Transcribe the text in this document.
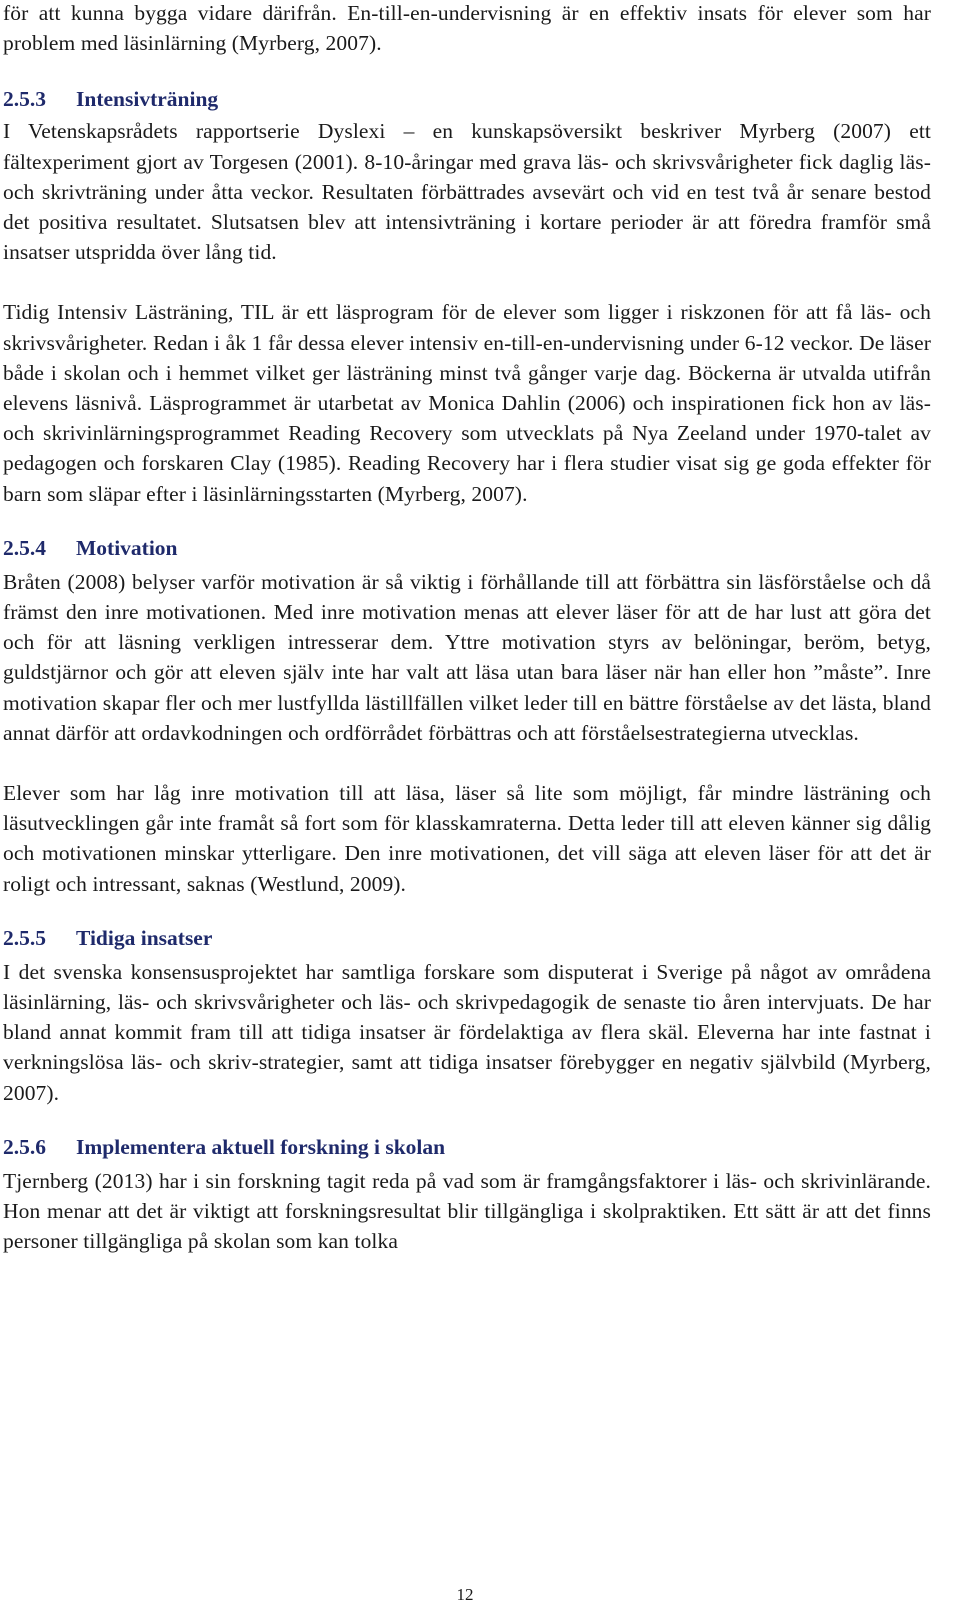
för att kunna bygga vidare därifrån. En-till-en-undervisning är en effektiv insats för elever som har problem med läsinlärning (Myrberg, 2007).

2.5.3	Intensivträning

I Vetenskapsrådets rapportserie Dyslexi – en kunskapsöversikt beskriver Myrberg (2007) ett fältexperiment gjort av Torgesen (2001). 8-10-åringar med grava läs- och skrivsvårigheter fick daglig läs- och skrivträning under åtta veckor. Resultaten förbättrades avsevärt och vid en test två år senare bestod det positiva resultatet. Slutsatsen blev att intensivträning i kortare perioder är att föredra framför små insatser utspridda över lång tid.

Tidig Intensiv Lästräning, TIL är ett läsprogram för de elever som ligger i riskzonen för att få läs- och skrivsvårigheter. Redan i åk 1 får dessa elever intensiv en-till-en-undervisning under 6-12 veckor. De läser både i skolan och i hemmet vilket ger lästräning minst två gånger varje dag. Böckerna är utvalda utifrån elevens läsnivå. Läsprogrammet är utarbetat av Monica Dahlin (2006) och inspirationen fick hon av läs- och skrivinlärningsprogrammet Reading Recovery som utvecklats på Nya Zeeland under 1970-talet av pedagogen och forskaren Clay (1985). Reading Recovery har i flera studier visat sig ge goda effekter för barn som släpar efter i läsinlärningsstarten (Myrberg, 2007).

2.5.4	Motivation

Bråten (2008) belyser varför motivation är så viktig i förhållande till att förbättra sin läsförståelse och då främst den inre motivationen. Med inre motivation menas att elever läser för att de har lust att göra det och för att läsning verkligen intresserar dem. Yttre motivation styrs av belöningar, beröm, betyg, guldstjärnor och gör att eleven själv inte har valt att läsa utan bara läser när han eller hon ”måste”. Inre motivation skapar fler och mer lustfyllda lästillfällen vilket leder till en bättre förståelse av det lästa, bland annat därför att ordavkodningen och ordförrådet förbättras och att förståelsestrategierna utvecklas.

Elever som har låg inre motivation till att läsa, läser så lite som möjligt, får mindre lästräning och läsutvecklingen går inte framåt så fort som för klasskamraterna. Detta leder till att eleven känner sig dålig och motivationen minskar ytterligare. Den inre motivationen, det vill säga att eleven läser för att det är roligt och intressant, saknas (Westlund, 2009).

2.5.5	Tidiga insatser

I det svenska konsensusprojektet har samtliga forskare som disputerat i Sverige på något av områdena läsinlärning, läs- och skrivsvårigheter och läs- och skrivpedagogik de senaste tio åren intervjuats. De har bland annat kommit fram till att tidiga insatser är fördelaktiga av flera skäl. Eleverna har inte fastnat i verkningslösa läs- och skriv-strategier, samt att tidiga insatser förebygger en negativ självbild (Myrberg, 2007).

2.5.6	Implementera aktuell forskning i skolan

Tjernberg (2013) har i sin forskning tagit reda på vad som är framgångsfaktorer i läs- och skrivinlärande. Hon menar att det är viktigt att forskningsresultat blir tillgängliga i skolpraktiken. Ett sätt är att det finns personer tillgängliga på skolan som kan tolka

12
